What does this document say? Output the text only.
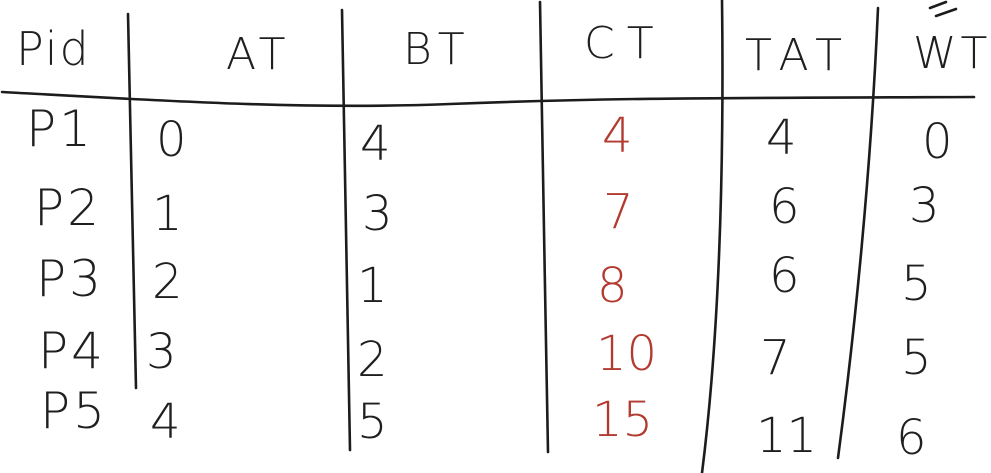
Pid	AT	BT	CT TAT WT
P1 0	4	4	4	0
P2 1	3	7	6 3
P3 2	1	8	6 5
P4 3	2	10 7 5
P5 4	5	15 11 6
